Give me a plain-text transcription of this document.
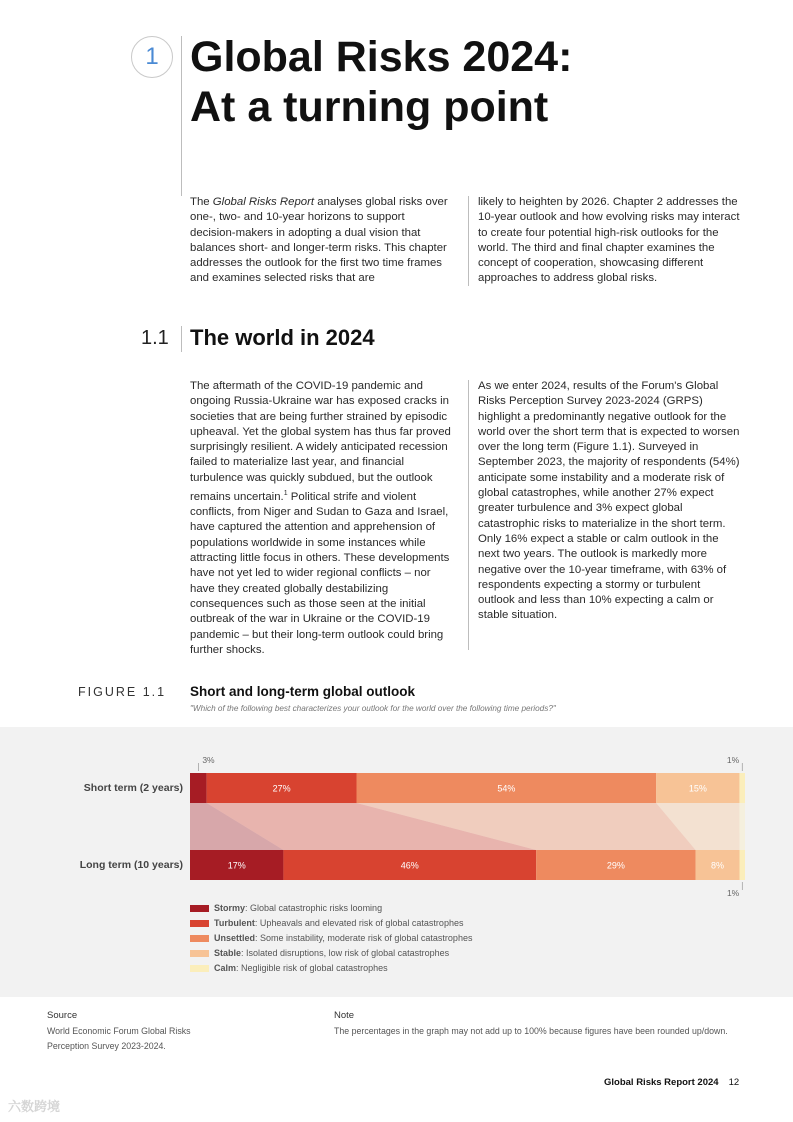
1 Global Risks 2024:
At a turning point

The Global Risks Report analyses global risks over one-, two- and 10-year horizons to support decision-makers in adopting a dual vision that balances short- and longer-term risks. This chapter addresses the outlook for the first two time frames and examines selected risks that are

likely to heighten by 2026. Chapter 2 addresses the 10-year outlook and how evolving risks may interact to create four potential high-risk outlooks for the world. The third and final chapter examines the concept of cooperation, showcasing different approaches to address global risks.

1.1 The world in 2024

The aftermath of the COVID-19 pandemic and ongoing Russia-Ukraine war has exposed cracks in societies that are being further strained by episodic upheaval. Yet the global system has thus far proved surprisingly resilient. A widely anticipated recession failed to materialize last year, and financial turbulence was quickly subdued, but the outlook remains uncertain.$^1$ Political strife and violent conflicts, from Niger and Sudan to Gaza and Israel, have captured the attention and apprehension of populations worldwide in some instances while attracting little focus in others. These developments have not yet led to wider regional conflicts – nor have they created globally destabilizing consequences such as those seen at the initial outbreak of the war in Ukraine or the COVID-19 pandemic – but their long-term outlook could bring further shocks.

As we enter 2024, results of the Forum's Global Risks Perception Survey 2023-2024 (GRPS) highlight a predominantly negative outlook for the world over the short term that is expected to worsen over the long term (Figure 1.1). Surveyed in September 2023, the majority of respondents (54%) anticipate some instability and a moderate risk of global catastrophes, while another 27% expect greater turbulence and 3% expect global catastrophic risks to materialize in the short term. Only 16% expect a stable or calm outlook in the next two years. The outlook is markedly more negative over the 10-year timeframe, with 63% of respondents expecting a stormy or turbulent outlook and less than 10% expecting a calm or stable situation.

FIGURE 1.1 Short and long-term global outlook
"Which of the following best characterizes your outlook for the world over the following time periods?"
Short term (2 years)
Long term (10 years)
27%	54%	15%
17%	46%	29%	8%
3%	1%
1%
Stormy : Global catastrophic risks looming
Turbulent : Upheavals and elevated risk of global catastrophes
Unsettled : Some instability, moderate risk of global catastrophes
Stable : Isolated disruptions, low risk of global catastrophes
Calm : Negligible risk of global catastrophes
Source
World Economic Forum Global Risks Perception Survey 2023-2024.
Note
The percentages in the graph may not add up to 100% because figures have been rounded up/down.
Global Risks Report 2024 12
六数跨境
